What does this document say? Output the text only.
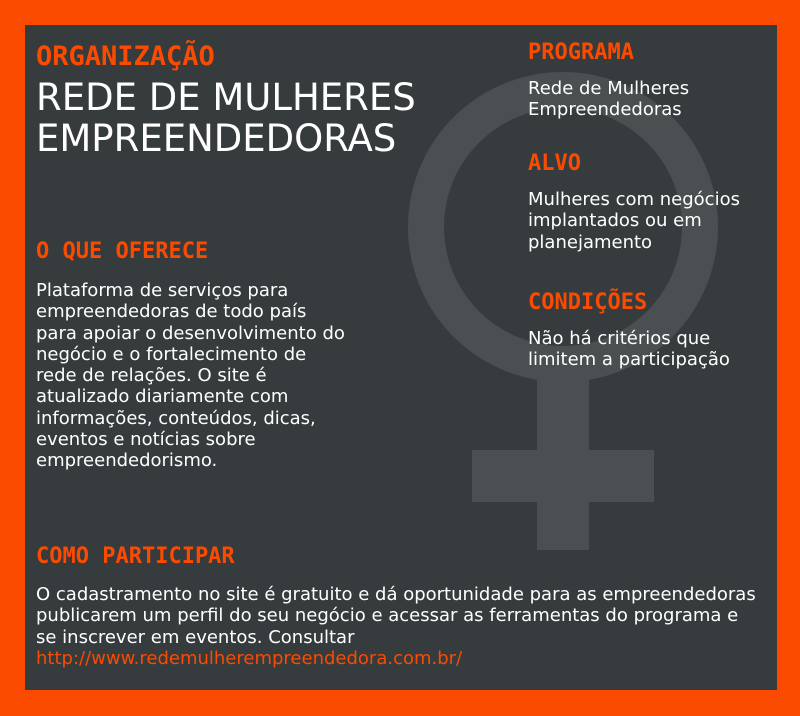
ORGANIZAÇÃO
REDE DE MULHERES EMPREENDEDORAS
O QUE OFERECE

Plataforma de serviços para empreendedoras de todo país para apoiar o desenvolvimento do negócio e o fortalecimento de rede de relações. O site é atualizado diariamente com informações, conteúdos, dicas, eventos e notícias sobre empreendedorismo.

PROGRAMA

Rede de Mulheres Empreendedoras

ALVO

Mulheres com negócios implantados ou em planejamento

CONDIÇÕES

Não há critérios que limitem a participação

COMO PARTICIPAR

O cadastramento no site é gratuito e dá oportunidade para as empreendedoras publicarem um perfil do seu negócio e acessar as ferramentas do programa e se inscrever em eventos. Consultar
http://www.redemulherempreendedora.com.br/
